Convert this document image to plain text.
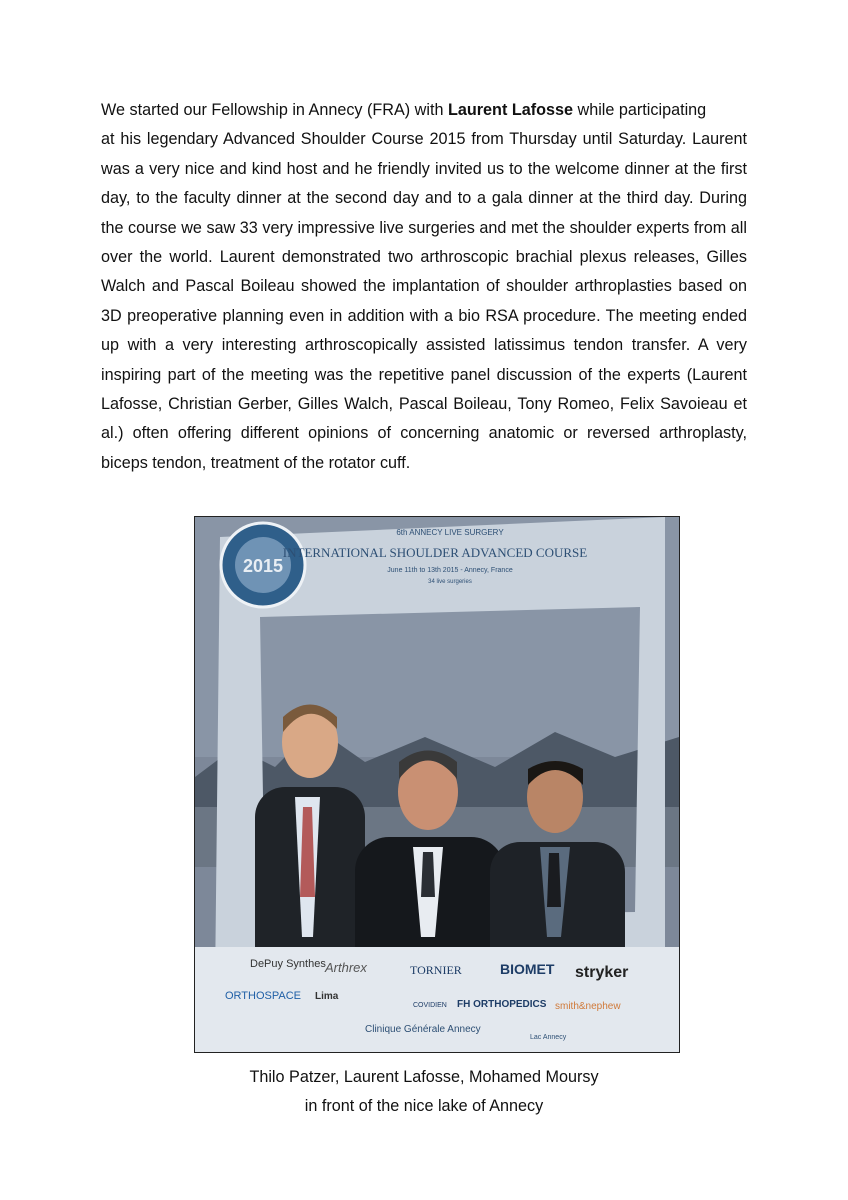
We started our Fellowship in Annecy (FRA) with Laurent Lafosse while participating
at his legendary Advanced Shoulder Course 2015 from Thursday until Saturday. Laurent was a very nice and kind host and he friendly invited us to the welcome dinner at the first day, to the faculty dinner at the second day and to a gala dinner at the third day. During the course we saw 33 very impressive live surgeries and met the shoulder experts from all over the world. Laurent demonstrated two arthroscopic brachial plexus releases, Gilles Walch and Pascal Boileau showed the implantation of shoulder arthroplasties based on 3D preoperative planning even in addition with a bio RSA procedure. The meeting ended up with a very interesting arthroscopically assisted latissimus tendon transfer. A very inspiring part of the meeting was the repetitive panel discussion of the experts (Laurent Lafosse, Christian Gerber, Gilles Walch, Pascal Boileau, Tony Romeo, Felix Savoieau et al.) often offering different opinions of concerning anatomic or reversed arthroplasty, biceps tendon, treatment of the rotator cuff.

2015
6th ANNECY LIVE SURGERY
INTERNATIONAL SHOULDER ADVANCED COURSE
June 11th to 13th 2015 - Annecy, France
34 live surgeries
DePuy Synthes Arthrex	TORNIER	BIOMET stryker
ORTHOSPACE Lima
COVIDIEN FH ORTHOPEDICS smith&nephew
Clinique Générale Annecy
Lac Annecy
Thilo Patzer, Laurent Lafosse, Mohamed Moursy
in front of the nice lake of Annecy
